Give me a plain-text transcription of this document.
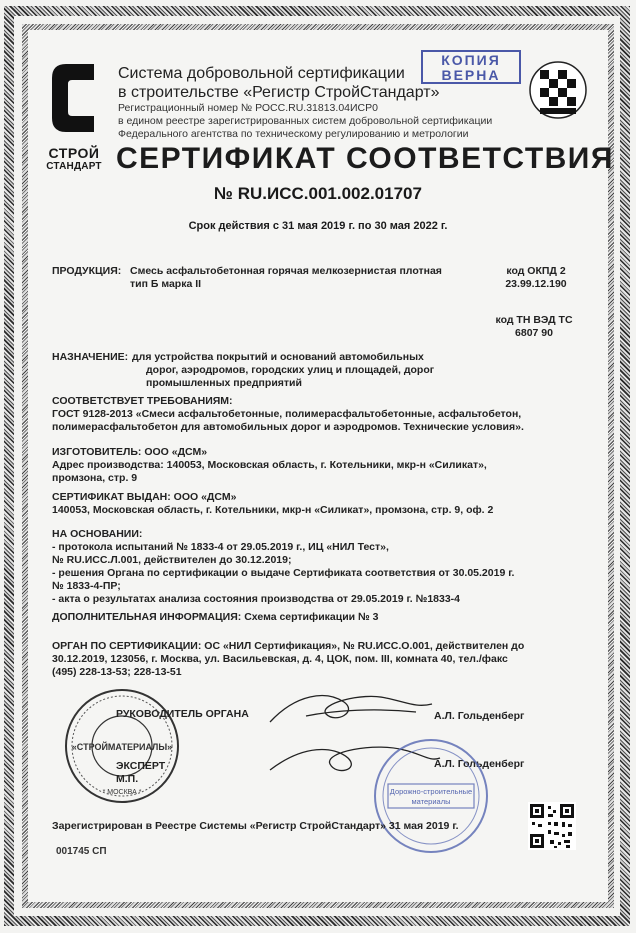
СТРОЙ
СТАНДАРТ
Система добровольной сертификации
в строительстве «Регистр СтройСтандарт»
Регистрационный номер № РОСС.RU.31813.04ИСР0
в едином реестре зарегистрированных систем добровольной сертификации
Федерального агентства по техническому регулированию и метрологии
КОПИЯ
ВЕРНА
СЕРТИФИКАТ СООТВЕТСТВИЯ
№ RU.ИСС.001.002.01707
Срок действия с 31 мая 2019 г. по 30 мая 2022 г.
ПРОДУКЦИЯ: Смесь асфальтобетонная горячая мелкозернистая плотная
тип Б марка II
код ОКПД 2
23.99.12.190
код ТН ВЭД ТС
6807 90
НАЗНАЧЕНИЕ: для устройства покрытий и оснований автомобильных
дорог, аэродромов, городских улиц и площадей, дорог
промышленных предприятий
СООТВЕТСТВУЕТ ТРЕБОВАНИЯМ:
ГОСТ 9128-2013 «Смеси асфальтобетонные, полимерасфальтобетонные, асфальтобетон,
полимерасфальтобетон для автомобильных дорог и аэродромов. Технические условия».
ИЗГОТОВИТЕЛЬ: ООО «ДСМ»
Адрес производства: 140053, Московская область, г. Котельники, мкр-н «Силикат»,
промзона, стр. 9
СЕРТИФИКАТ ВЫДАН: ООО «ДСМ»
140053, Московская область, г. Котельники, мкр-н «Силикат», промзона, стр. 9, оф. 2
НА ОСНОВАНИИ:
- протокола испытаний № 1833-4 от 29.05.2019 г., ИЦ «НИЛ Тест»,
№ RU.ИСС.Л.001, действителен до 30.12.2019;
- решения Органа по сертификации о выдаче Сертификата соответствия от 30.05.2019 г.
№ 1833-4-ПР;
- акта о результатах анализа состояния производства от 29.05.2019 г. №1833-4
ДОПОЛНИТЕЛЬНАЯ ИНФОРМАЦИЯ: Схема сертификации № 3
ОРГАН ПО СЕРТИФИКАЦИИ: ОС «НИЛ Сертификация», № RU.ИСС.О.001, действителен до
30.12.2019, 123056, г. Москва, ул. Васильевская, д. 4, ЦОК, пом. III, комната 40, тел./факс
(495) 228-13-53; 228-13-51
«СТРОЙМАТЕРИАЛЫ»
* МОСКВА *
РУКОВОДИТЕЛЬ ОРГАНА	А.Л. Гольденберг
ЭКСПЕРТ
М.П.
А.Л. Гольденберг
Дорожно-строительные
материалы
Зарегистрирован в Реестре Системы «Регистр СтройСтандарт» 31 мая 2019 г.
001745 СП
